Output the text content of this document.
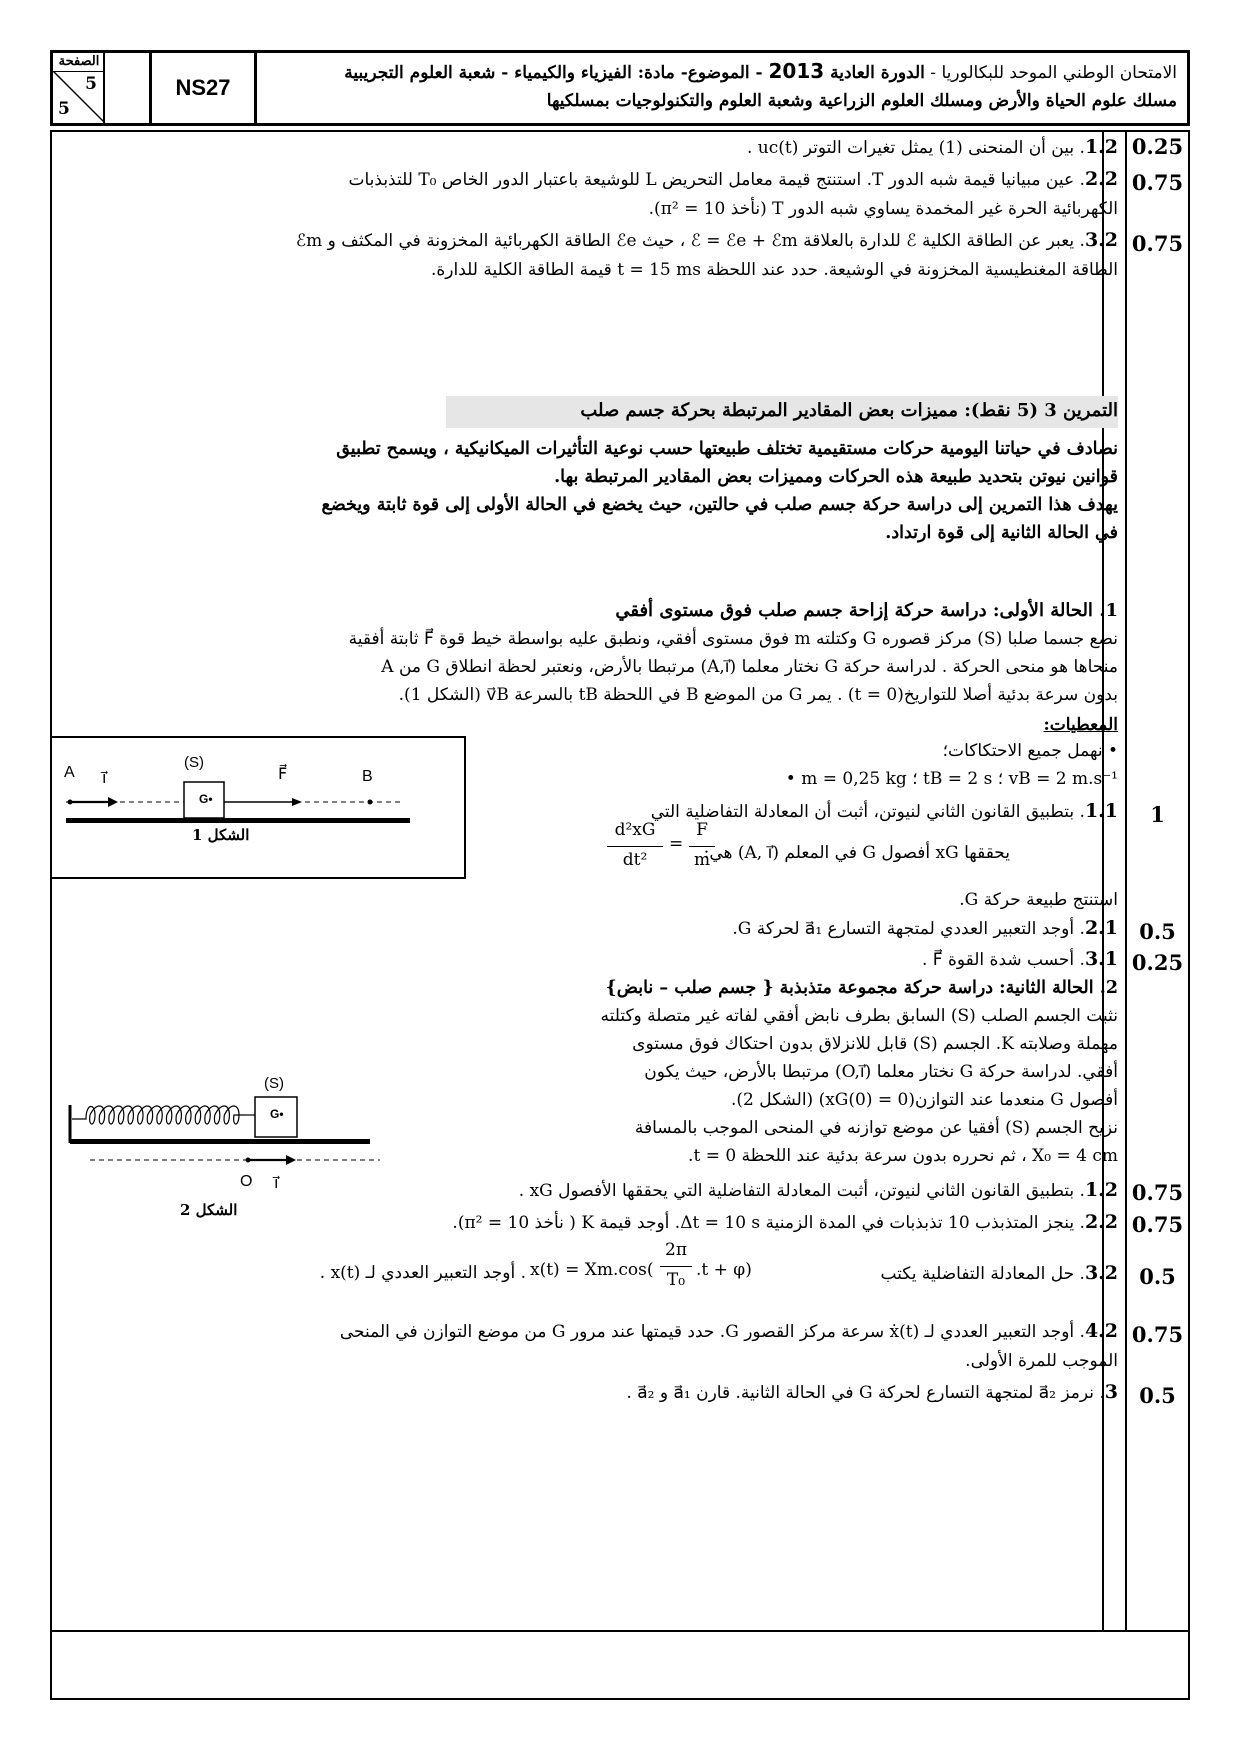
الامتحان الوطني الموحد للبكالوريا - الدورة العادية 2013 - الموضوع- مادة: الفيزياء والكيمياء - شعبة العلوم التجريبية
مسلك علوم الحياة والأرض ومسلك العلوم الزراعية وشعبة العلوم والتكنولوجيات بمسلكيها
NS27
الصفحة
5
5
0.25
1.2. بين أن المنحنى (1) يمثل تغيرات التوتر uc(t) .
0.75
2.2. عين مبيانيا قيمة شبه الدور T. استنتج قيمة معامل التحريض L للوشيعة باعتبار الدور الخاص T₀ للتذبذبات
الكهربائية الحرة غير المخمدة يساوي شبه الدور T (نأخذ π² = 10).
0.75
3.2. يعبر عن الطاقة الكلية ℰ للدارة بالعلاقة ℰ = ℰe + ℰm ، حيث ℰe الطاقة الكهربائية المخزونة في المكثف و ℰm
الطاقة المغنطيسية المخزونة في الوشيعة. حدد عند اللحظة t = 15 ms قيمة الطاقة الكلية للدارة.
التمرين 3 (5 نقط): مميزات بعض المقادير المرتبطة بحركة جسم صلب
نصادف في حياتنا اليومية حركات مستقيمية تختلف طبيعتها حسب نوعية التأثيرات الميكانيكية ، ويسمح تطبيق
قوانين نيوتن بتحديد طبيعة هذه الحركات ومميزات بعض المقادير المرتبطة بها.
يهدف هذا التمرين إلى دراسة حركة جسم صلب في حالتين، حيث يخضع في الحالة الأولى إلى قوة ثابتة ويخضع
في الحالة الثانية إلى قوة ارتداد.
1. الحالة الأولى: دراسة حركة إزاحة جسم صلب فوق مستوى أفقي
نضع جسما صلبا (S) مركز قصوره G وكتلته m فوق مستوى أفقي، ونطبق عليه بواسطة خيط قوة F⃗ ثابتة أفقية
منحاها هو منحى الحركة . لدراسة حركة G نختار معلما (A,i⃗) مرتبطا بالأرض، ونعتبر لحظة انطلاق G من A
بدون سرعة بدئية أصلا للتواريخ(t = 0) . يمر G من الموضع B في اللحظة tB بالسرعة v⃗B (الشكل 1).
المعطيات:
• نهمل جميع الاحتكاكات؛
vB = 2 m.s⁻¹ ؛ tB = 2 s ؛ m = 0,25 kg •
1
1.1. بتطبيق القانون الثاني لنيوتن، أثبت أن المعادلة التفاضلية التي
يحققها xG أفصول G في المعلم (A, i⃗) هي:
d²xG
dt²
=
F
m
استنتج طبيعة حركة G.
0.5
2.1. أوجد التعبير العددي لمتجهة التسارع a⃗₁ لحركة G.
0.25
3.1. أحسب شدة القوة F⃗ .
A i⃗
(S)
•G
F⃗	B
الشكل 1
2. الحالة الثانية: دراسة حركة مجموعة متذبذبة { جسم صلب – نابض}
نثبت الجسم الصلب (S) السابق بطرف نابض أفقي لفاته غير متصلة وكتلته
مهملة وصلابته K. الجسم (S) قابل للانزلاق بدون احتكاك فوق مستوى
أفقي. لدراسة حركة G نختار معلما (O,i⃗) مرتبطا بالأرض، حيث يكون
أفصول G منعدما عند التوازن(xG(0) = 0) (الشكل 2).
نزيح الجسم (S) أفقيا عن موضع توازنه في المنحى الموجب بالمسافة
X₀ = 4 cm ، ثم نحرره بدون سرعة بدئية عند اللحظة t = 0.
(S)
•G
O i⃗
الشكل 2
0.75
1.2. بتطبيق القانون الثاني لنيوتن، أثبت المعادلة التفاضلية التي يحققها الأفصول xG .
0.75
2.2. ينجز المتذبذب 10 تذبذبات في المدة الزمنية Δt = 10 s. أوجد قيمة K ( نأخذ π² = 10).
0.5
3.2. حل المعادلة التفاضلية يكتب
x(t) = Xm.cos(
2π
T₀ .t + φ)
. أوجد التعبير العددي لـ x(t) .
0.75
4.2. أوجد التعبير العددي لـ ẋ(t) سرعة مركز القصور G. حدد قيمتها عند مرور G من موضع التوازن في المنحى
الموجب للمرة الأولى.
0.5
3. نرمز a⃗₂ لمتجهة التسارع لحركة G في الحالة الثانية. قارن a⃗₁ و a⃗₂ .
